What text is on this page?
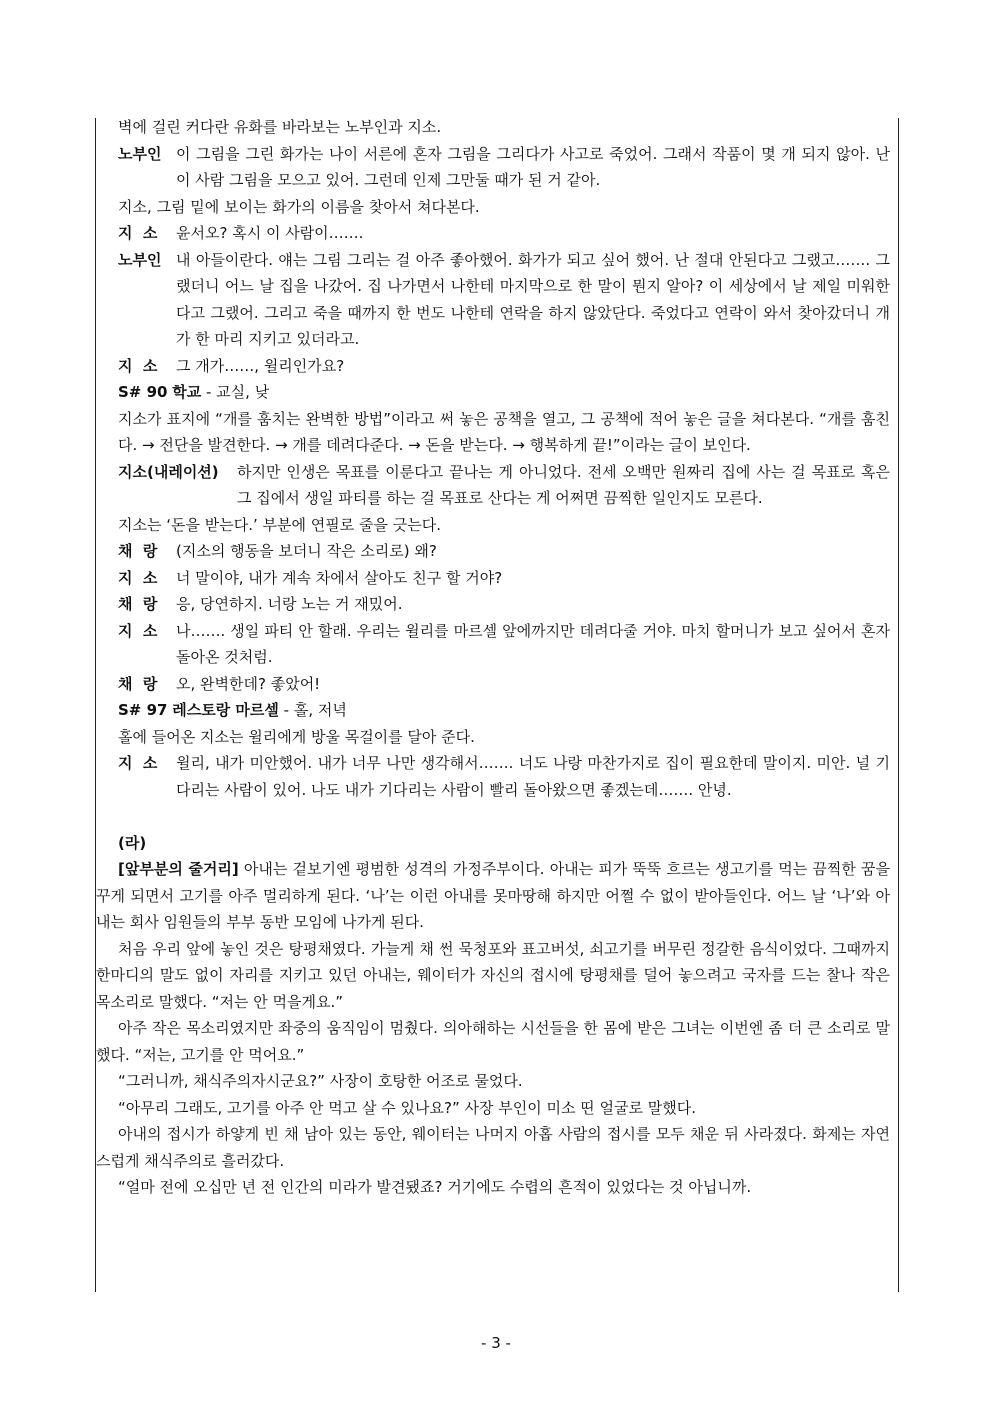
벽에 걸린 커다란 유화를 바라보는 노부인과 지소.
노부인 이 그림을 그린 화가는 나이 서른에 혼자 그림을 그리다가 사고로 죽었어. 그래서 작품이 몇 개 되지 않아. 난 이 사람 그림을 모으고 있어. 그런데 인제 그만둘 때가 된 거 같아.
지소, 그림 밑에 보이는 화가의 이름을 찾아서 쳐다본다.
지  소	윤서오? 혹시 이 사람이…….
노부인 내 아들이란다. 얘는 그림 그리는 걸 아주 좋아했어. 화가가 되고 싶어 했어. 난 절대 안된다고 그랬고……. 그랬더니 어느 날 집을 나갔어. 집 나가면서 나한테 마지막으로 한 말이 뭔지 알아? 이 세상에서 날 제일 미워한다고 그랬어. 그리고 죽을 때까지 한 번도 나한테 연락을 하지 않았단다. 죽었다고 연락이 와서 찾아갔더니 개가 한 마리 지키고 있더라고.
지  소	그 개가……, 윌리인가요?
S# 90 학교 - 교실, 낮
지소가 표지에 “개를 훔치는 완벽한 방법”이라고 써 놓은 공책을 열고, 그 공책에 적어 놓은 글을 쳐다본다. “개를 훔친다. → 전단을 발견한다. → 개를 데려다준다. → 돈을 받는다. → 행복하게 끝!”이라는 글이 보인다.
지소(내레이션)	하지만 인생은 목표를 이룬다고 끝나는 게 아니었다. 전세 오백만 원짜리 집에 사는 걸 목표로 혹은 그 집에서 생일 파티를 하는 걸 목표로 산다는 게 어쩌면 끔찍한 일인지도 모른다.
지소는 ‘돈을 받는다.’ 부분에 연필로 줄을 긋는다.
채  랑	(지소의 행동을 보더니 작은 소리로) 왜?
지  소	너 말이야, 내가 계속 차에서 살아도 친구 할 거야?
채  랑	응, 당연하지. 너랑 노는 거 재밌어.
지  소	나……. 생일 파티 안 할래. 우리는 윌리를 마르셀 앞에까지만 데려다줄 거야. 마치 할머니가 보고 싶어서 혼자 돌아온 것처럼.
채  랑	오, 완벽한데? 좋았어!
S# 97 레스토랑 마르셀 - 홀, 저녁
홀에 들어온 지소는 윌리에게 방울 목걸이를 달아 준다.
지  소	윌리, 내가 미안했어. 내가 너무 나만 생각해서……. 너도 나랑 마찬가지로 집이 필요한데 말이지. 미안. 널 기다리는 사람이 있어. 나도 내가 기다리는 사람이 빨리 돌아왔으면 좋겠는데……. 안녕.
(라)
[앞부분의 줄거리] 아내는 겉보기엔 평범한 성격의 가정주부이다. 아내는 피가 뚝뚝 흐르는 생고기를 먹는 끔찍한 꿈을 꾸게 되면서 고기를 아주 멀리하게 된다. ‘나’는 이런 아내를 못마땅해 하지만 어쩔 수 없이 받아들인다. 어느 날 ‘나’와 아내는 회사 임원들의 부부 동반 모임에 나가게 된다.
처음 우리 앞에 놓인 것은 탕평채였다. 가늘게 채 썬 묵청포와 표고버섯, 쇠고기를 버무린 정갈한 음식이었다. 그때까지 한마디의 말도 없이 자리를 지키고 있던 아내는, 웨이터가 자신의 접시에 탕평채를 덜어 놓으려고 국자를 드는 찰나 작은 목소리로 말했다. “저는 안 먹을게요.”
아주 작은 목소리였지만 좌중의 움직임이 멈췄다. 의아해하는 시선들을 한 몸에 받은 그녀는 이번엔 좀 더 큰 소리로 말했다. “저는, 고기를 안 먹어요.”
“그러니까, 채식주의자시군요?” 사장이 호탕한 어조로 물었다.
“아무리 그래도, 고기를 아주 안 먹고 살 수 있나요?” 사장 부인이 미소 띤 얼굴로 말했다.
아내의 접시가 하얗게 빈 채 남아 있는 동안, 웨이터는 나머지 아홉 사람의 접시를 모두 채운 뒤 사라졌다. 화제는 자연스럽게 채식주의로 흘러갔다.
“얼마 전에 오십만 년 전 인간의 미라가 발견됐죠? 거기에도 수렵의 흔적이 있었다는 것 아닙니까.
- 3 -
